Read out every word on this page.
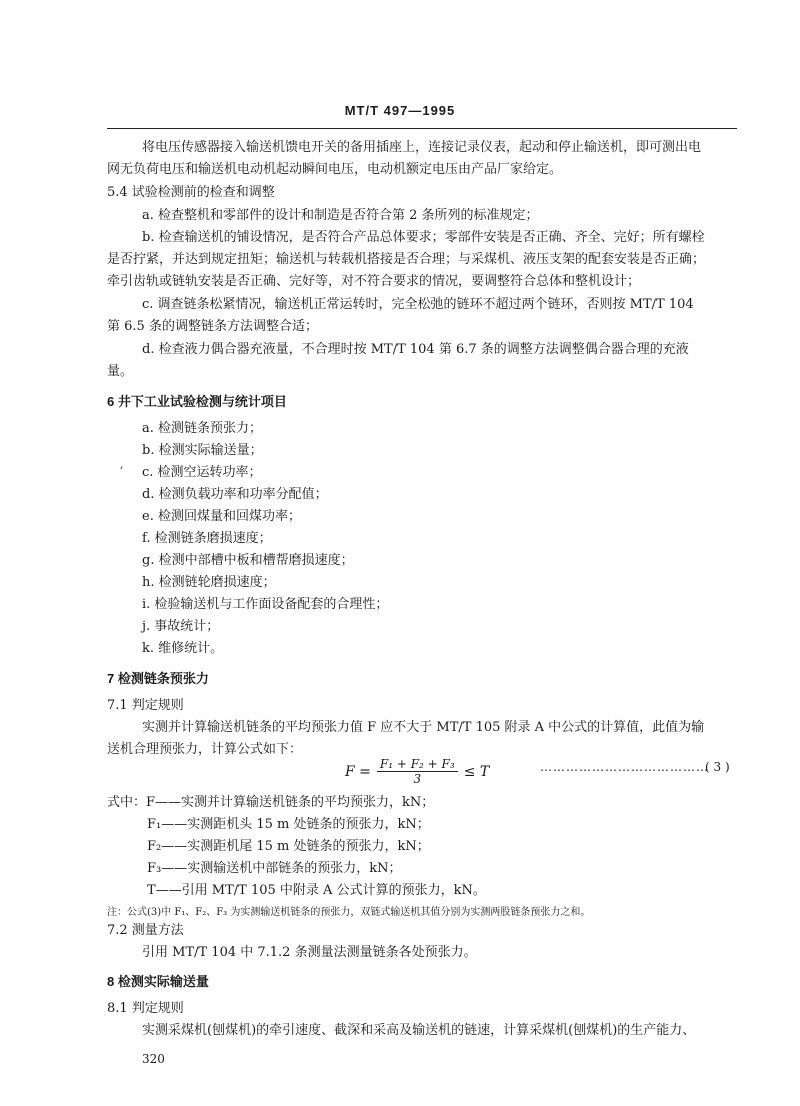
MT/T 497—1995
将电压传感器接入输送机馈电开关的备用插座上，连接记录仪表，起动和停止输送机，即可测出电
网无负荷电压和输送机电动机起动瞬间电压，电动机额定电压由产品厂家给定。
5.4 试验检测前的检查和调整
a. 检查整机和零部件的设计和制造是否符合第 2 条所列的标准规定；
b. 检查输送机的铺设情况，是否符合产品总体要求；零部件安装是否正确、齐全、完好；所有螺栓
是否拧紧，并达到规定扭矩；输送机与转载机搭接是否合理；与采煤机、液压支架的配套安装是否正确；
牵引齿轨或链轨安装是否正确、完好等，对不符合要求的情况，要调整符合总体和整机设计；
c. 调查链条松紧情况，输送机正常运转时，完全松弛的链环不超过两个链环，否则按 MT/T 104
第 6.5 条的调整链条方法调整合适；
d. 检查液力偶合器充液量，不合理时按 MT/T 104 第 6.7 条的调整方法调整偶合器合理的充液
量。
6 井下工业试验检测与统计项目
a. 检测链条预张力；
b. 检测实际输送量；
c. 检测空运转功率；
d. 检测负载功率和功率分配值；
e. 检测回煤量和回煤功率；
f. 检测链条磨损速度；
g. 检测中部槽中板和槽帮磨损速度；
h. 检测链轮磨损速度；
i. 检验输送机与工作面设备配套的合理性；
j. 事故统计；
k. 维修统计。
7 检测链条预张力
7.1 判定规则
实测并计算输送机链条的平均预张力值 F 应不大于 MT/T 105 附录 A 中公式的计算值，此值为输
送机合理预张力，计算公式如下：
式中：F——实测并计算输送机链条的平均预张力，kN；
F₁——实测距机头 15 m 处链条的预张力，kN；
F₂——实测距机尾 15 m 处链条的预张力，kN；
F₃——实测输送机中部链条的预张力，kN；
T——引用 MT/T 105 中附录 A 公式计算的预张力，kN。
注：公式(3)中 F₁、F₂、F₃ 为实测输送机链条的预张力，双链式输送机其值分别为实测两股链条预张力之和。
7.2 测量方法
引用 MT/T 104 中 7.1.2 条测量法测量链条各处预张力。
8 检测实际输送量
8.1 判定规则
实测采煤机(刨煤机)的牵引速度、截深和采高及输送机的链速，计算采煤机(刨煤机)的生产能力、
,
$F = \frac{\text{F₁ + F₂ + F₃}}{3} \le T$	…………………………………
( 3 )
320
